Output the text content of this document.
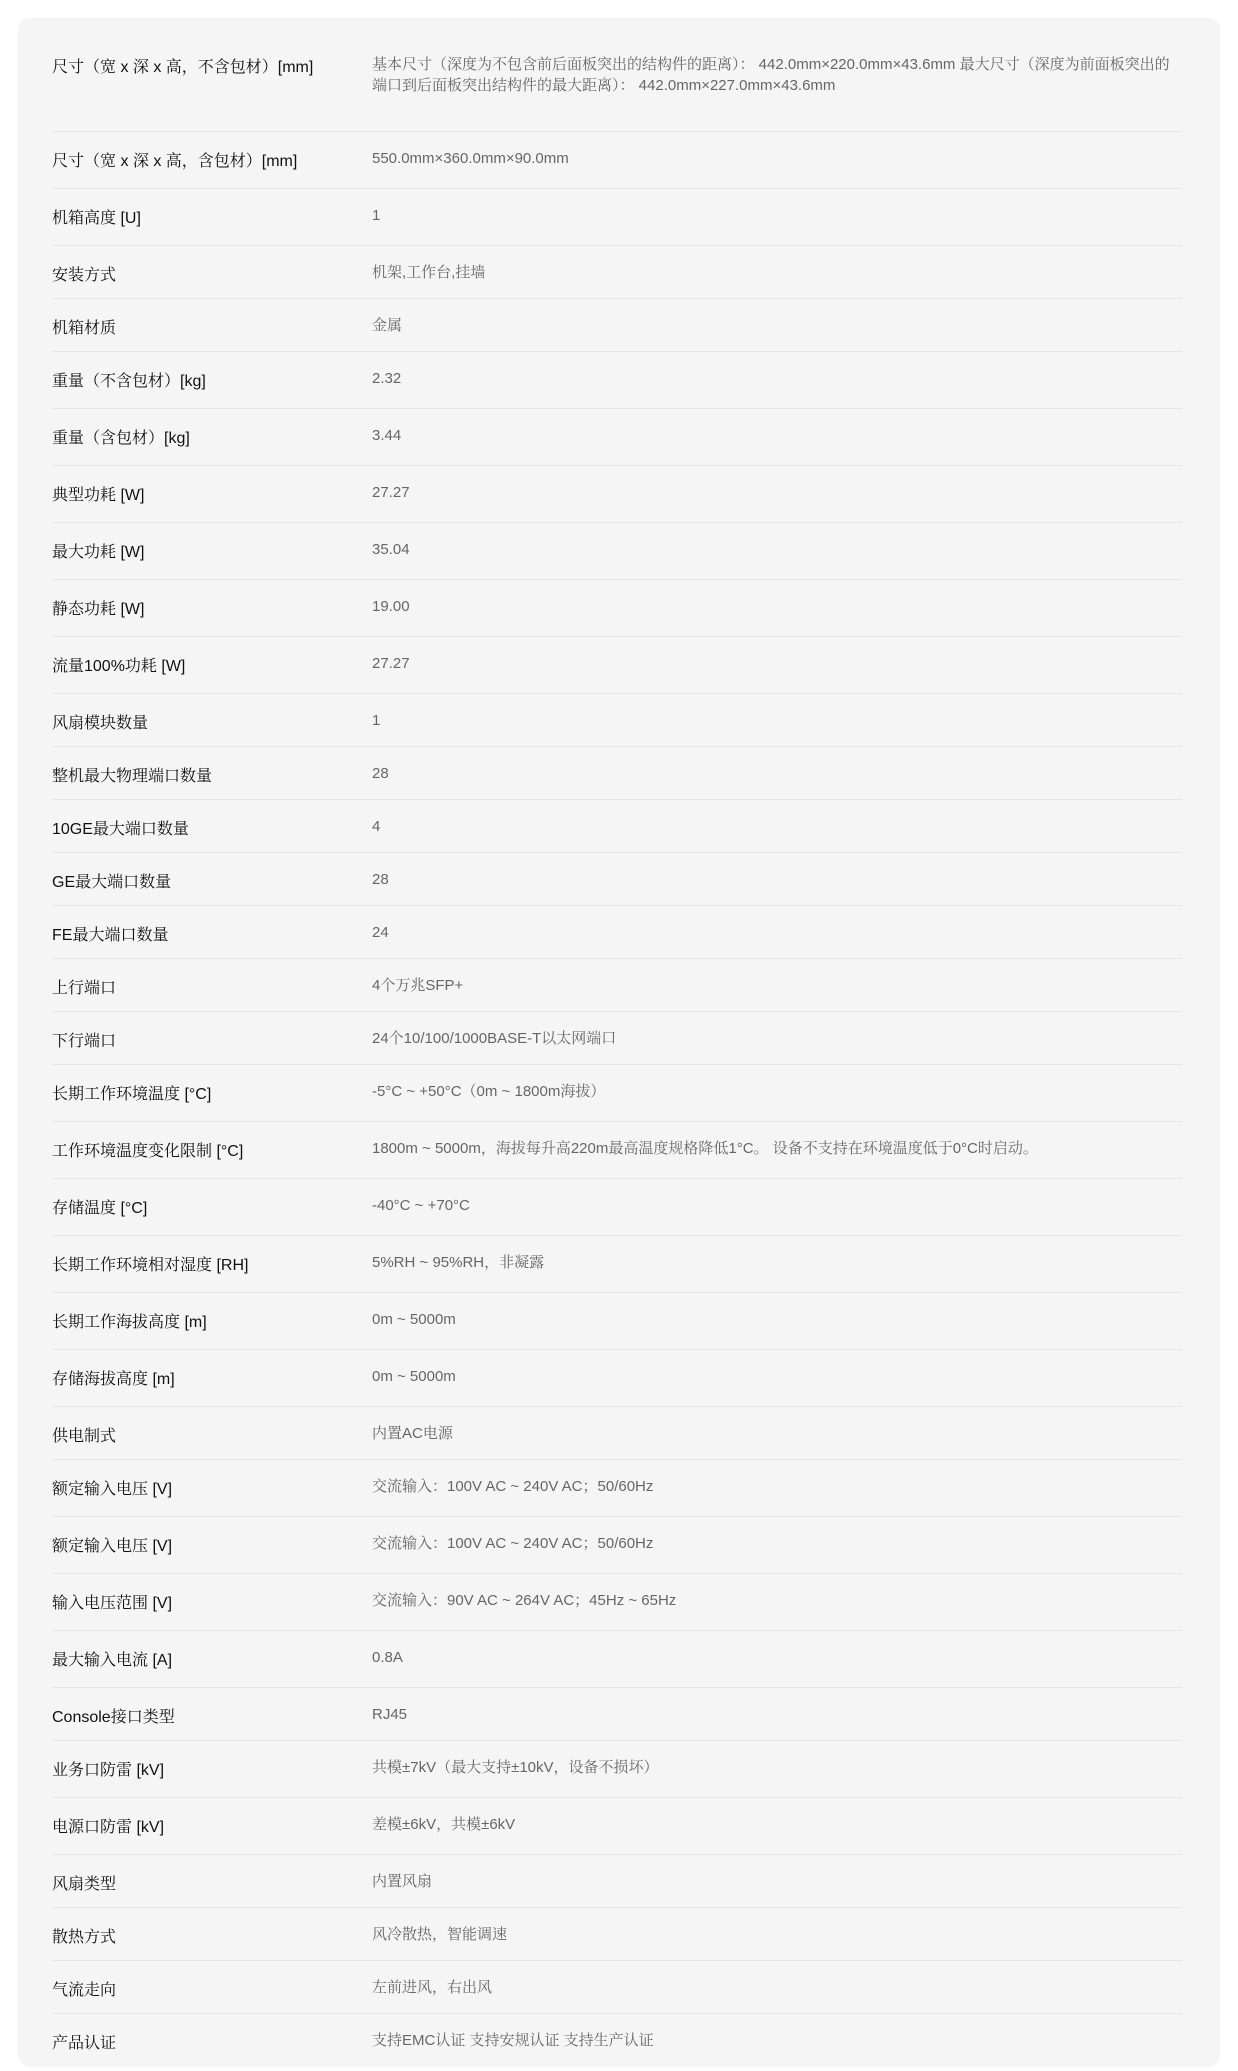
尺寸（宽 x 深 x 高，不含包材）[mm]	基本尺寸（深度为不包含前后面板突出的结构件的距离）： 442.0mm×220.0mm×43.6mm 最大尺寸（深度为前面板突出的端口到后面板突出结构件的最大距离）： 442.0mm×227.0mm×43.6mm
尺寸（宽 x 深 x 高，含包材）[mm]	550.0mm×360.0mm×90.0mm
机箱高度 [U]	1
安装方式	机架,工作台,挂墙
机箱材质	金属
重量（不含包材）[kg]	2.32
重量（含包材）[kg]	3.44
典型功耗 [W]	27.27
最大功耗 [W]	35.04
静态功耗 [W]	19.00
流量100%功耗 [W]	27.27
风扇模块数量	1
整机最大物理端口数量	28
10GE最大端口数量	4
GE最大端口数量	28
FE最大端口数量	24
上行端口	4个万兆SFP+
下行端口	24个10/100/1000BASE-T以太网端口
长期工作环境温度 [°C]	-5°C ~ +50°C（0m ~ 1800m海拔）
工作环境温度变化限制 [°C]	1800m ~ 5000m，海拔每升高220m最高温度规格降低1°C。 设备不支持在环境温度低于0°C时启动。
存储温度 [°C]	-40°C ~ +70°C
长期工作环境相对湿度 [RH]	5%RH ~ 95%RH，非凝露
长期工作海拔高度 [m]	0m ~ 5000m
存储海拔高度 [m]	0m ~ 5000m
供电制式	内置AC电源
额定输入电压 [V]	交流输入：100V AC ~ 240V AC；50/60Hz
额定输入电压 [V]	交流输入：100V AC ~ 240V AC；50/60Hz
输入电压范围 [V]	交流输入：90V AC ~ 264V AC；45Hz ~ 65Hz
最大输入电流 [A]	0.8A
Console接口类型	RJ45
业务口防雷 [kV]	共模±7kV（最大支持±10kV，设备不损坏）
电源口防雷 [kV]	差模±6kV，共模±6kV
风扇类型	内置风扇
散热方式	风冷散热，智能调速
气流走向	左前进风，右出风
产品认证	支持EMC认证 支持安规认证 支持生产认证
